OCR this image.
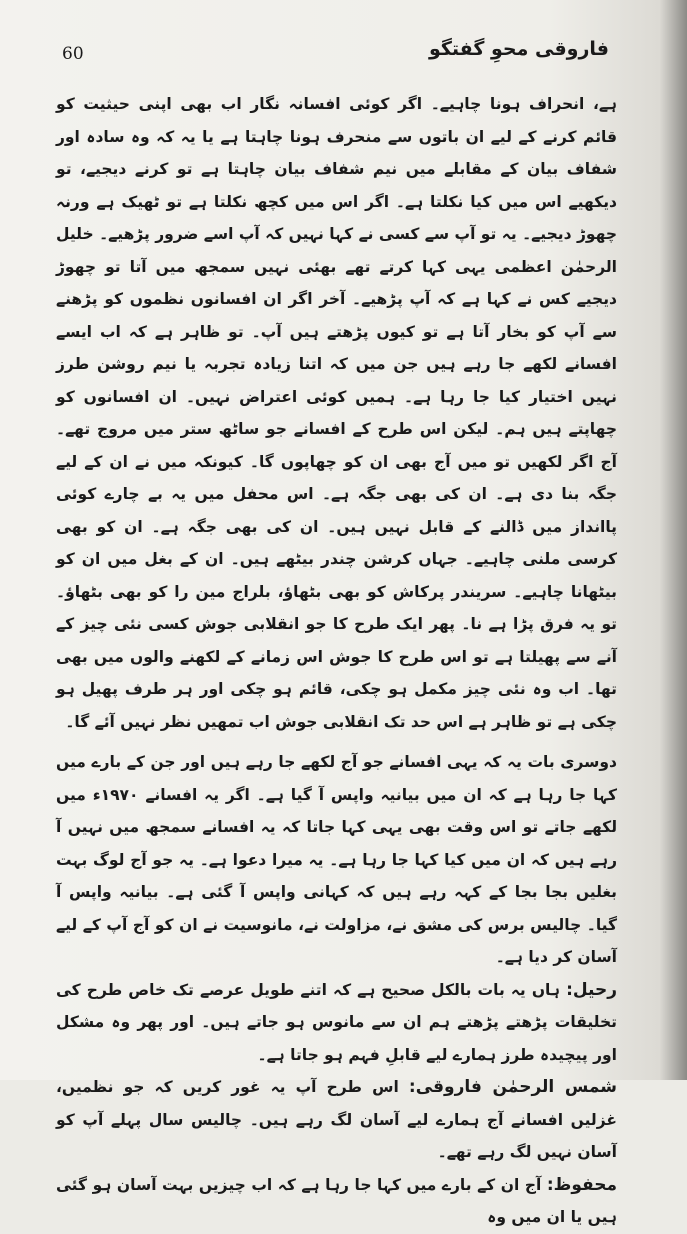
60	فاروقی محوِ گفتگو

ہے، انحراف ہونا چاہیے۔ اگر کوئی افسانہ نگار اب بھی اپنی حیثیت کو قائم کرنے کے لیے ان باتوں سے منحرف ہونا چاہتا ہے یا یہ کہ وہ سادہ اور شفاف بیان کے مقابلے میں نیم شفاف بیان چاہتا ہے تو کرنے دیجیے، تو دیکھیے اس میں کیا نکلتا ہے۔ اگر اس میں کچھ نکلتا ہے تو ٹھیک ہے ورنہ چھوڑ دیجیے۔ یہ تو آپ سے کسی نے کہا نہیں کہ آپ اسے ضرور پڑھیے۔ خلیل الرحمٰن اعظمی یہی کہا کرتے تھے بھئی نہیں سمجھ میں آتا تو چھوڑ دیجیے کس نے کہا ہے کہ آپ پڑھیے۔ آخر اگر ان افسانوں نظموں کو پڑھنے سے آپ کو بخار آتا ہے تو کیوں پڑھتے ہیں آپ۔ تو ظاہر ہے کہ اب ایسے افسانے لکھے جا رہے ہیں جن میں کہ اتنا زیادہ تجربہ یا نیم روشن طرز نہیں اختیار کیا جا رہا ہے۔ ہمیں کوئی اعتراض نہیں۔ ان افسانوں کو چھاپتے ہیں ہم۔ لیکن اس طرح کے افسانے جو ساٹھ ستر میں مروج تھے۔ آج اگر لکھیں تو میں آج بھی ان کو چھاپوں گا۔ کیونکہ میں نے ان کے لیے جگہ بنا دی ہے۔ ان کی بھی جگہ ہے۔ اس محفل میں یہ بے چارے کوئی پاانداز میں ڈالنے کے قابل نہیں ہیں۔ ان کی بھی جگہ ہے۔ ان کو بھی کرسی ملنی چاہیے۔ جہاں کرشن چندر بیٹھے ہیں۔ ان کے بغل میں ان کو بیٹھانا چاہیے۔ سریندر پرکاش کو بھی بٹھاؤ، بلراج مین را کو بھی بٹھاؤ۔ تو یہ فرق پڑا ہے نا۔ پھر ایک طرح کا جو انقلابی جوش کسی نئی چیز کے آنے سے پھیلتا ہے تو اس طرح کا جوش اس زمانے کے لکھنے والوں میں بھی تھا۔ اب وہ نئی چیز مکمل ہو چکی، قائم ہو چکی اور ہر طرف پھیل ہو چکی ہے تو ظاہر ہے اس حد تک انقلابی جوش اب تمھیں نظر نہیں آئے گا۔

دوسری بات یہ کہ یہی افسانے جو آج لکھے جا رہے ہیں اور جن کے بارے میں کہا جا رہا ہے کہ ان میں بیانیہ واپس آ گیا ہے۔ اگر یہ افسانے ۱۹۷۰ء میں لکھے جاتے تو اس وقت بھی یہی کہا جاتا کہ یہ افسانے سمجھ میں نہیں آ رہے ہیں کہ ان میں کیا کہا جا رہا ہے۔ یہ میرا دعوا ہے۔ یہ جو آج لوگ بہت بغلیں بجا بجا کے کہہ رہے ہیں کہ کہانی واپس آ گئی ہے۔ بیانیہ واپس آ گیا۔ چالیس برس کی مشق نے، مزاولت نے، مانوسیت نے ان کو آج آپ کے لیے آسان کر دیا ہے۔

رحیل: ہاں یہ بات بالکل صحیح ہے کہ اتنے طویل عرصے تک خاص طرح کی تخلیقات پڑھتے پڑھتے ہم ان سے مانوس ہو جاتے ہیں۔ اور پھر وہ مشکل اور پیچیدہ طرز ہمارے لیے قابلِ فہم ہو جاتا ہے۔

شمس الرحمٰن فاروقی: اس طرح آپ یہ غور کریں کہ جو نظمیں، غزلیں افسانے آج ہمارے لیے آسان لگ رہے ہیں۔ چالیس سال پہلے آپ کو آسان نہیں لگ رہے تھے۔

محفوظ: آج ان کے بارے میں کہا جا رہا ہے کہ اب چیزیں بہت آسان ہو گئی ہیں یا ان میں وہ
